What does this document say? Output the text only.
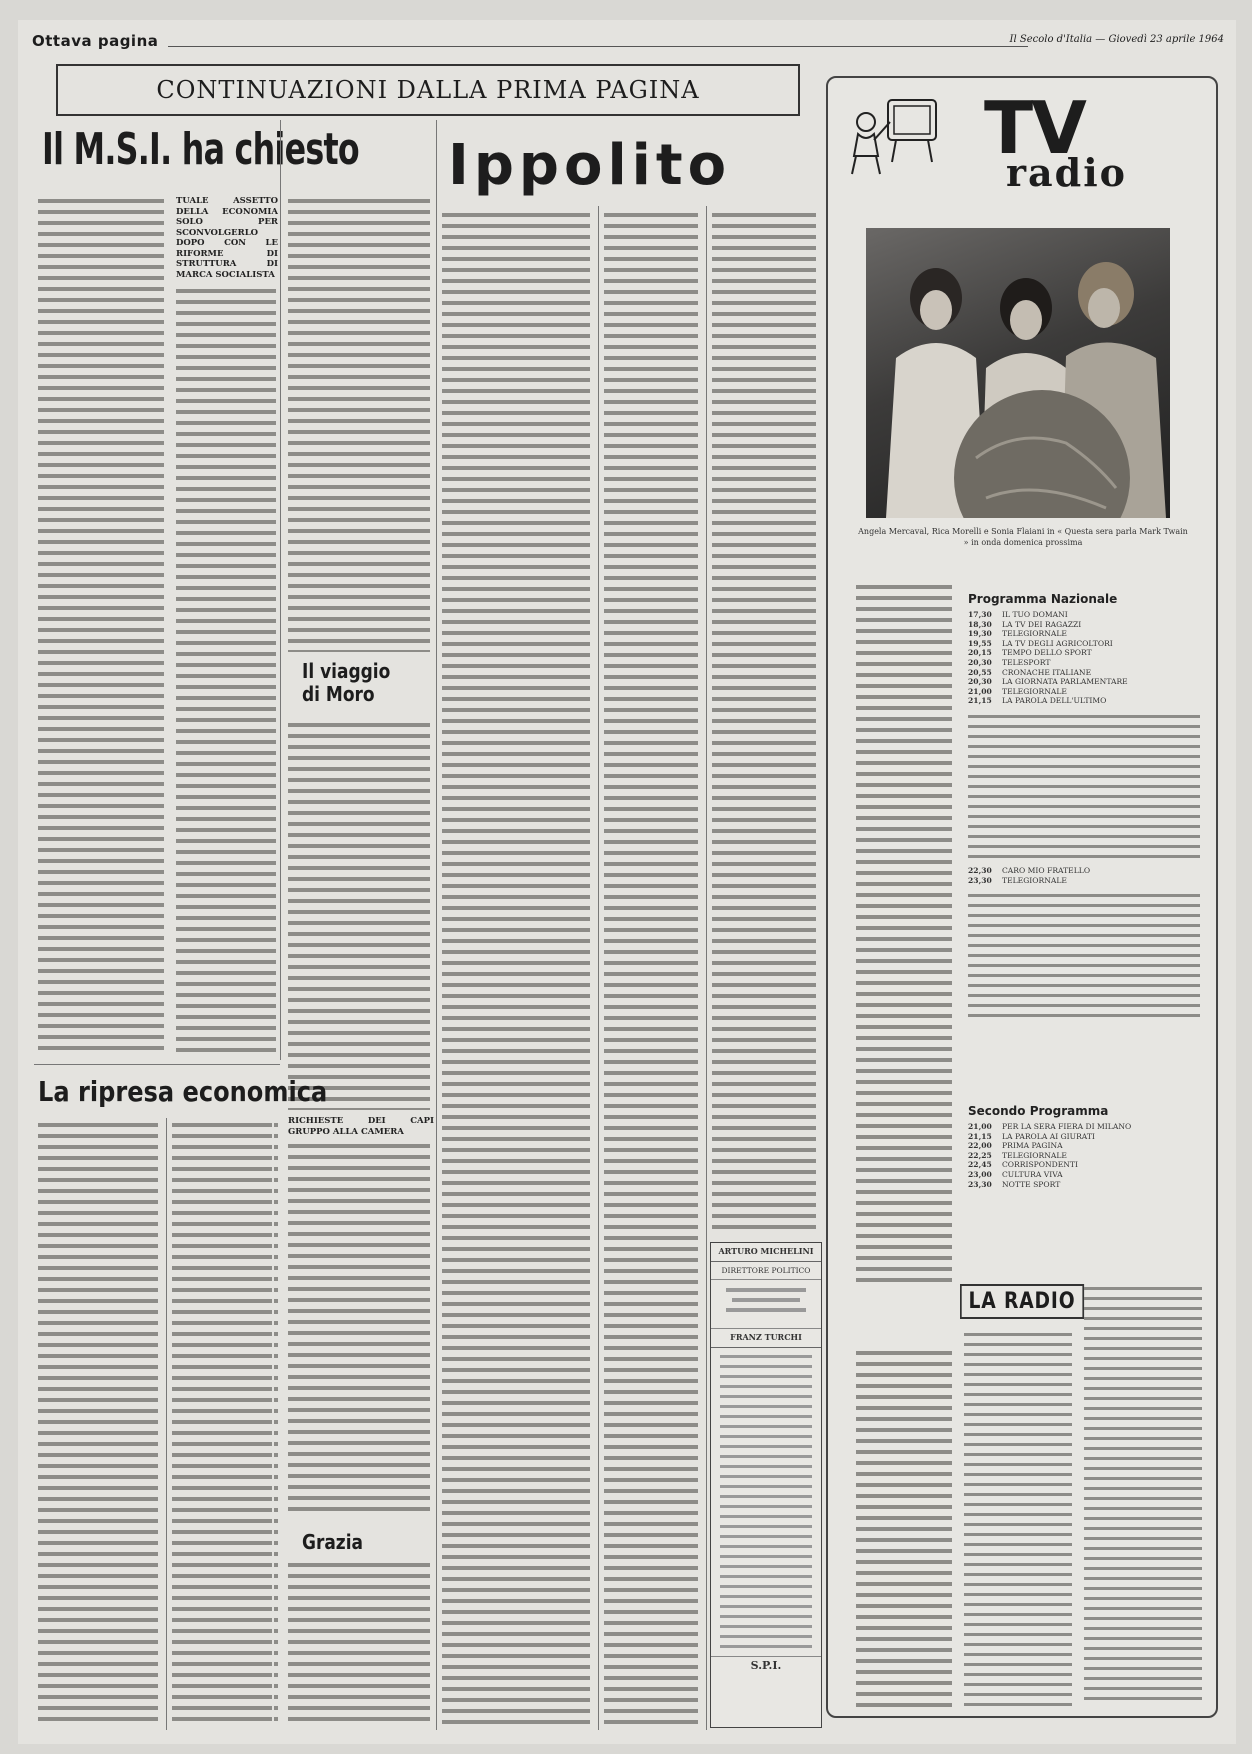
Ottava pagina	Il Secolo d'Italia — Giovedì 23 aprile 1964
CONTINUAZIONI DALLA PRIMA PAGINA
Il M.S.I. ha chiesto Ippolito
TUALE ASSETTO DELLA ECONOMIA SOLO PER SCONVOLGERLO DOPO CON LE RIFORME DI STRUTTURA DI MARCA SOCIALISTA
Il viaggio
di Moro
RICHIESTE DEI CAPI GRUPPO ALLA CAMERA
Grazia
La ripresa economica
ARTURO MICHELINI
DIRETTORE POLITICO
FRANZ TURCHI
S.P.I.
TV
radio
Angela Mercaval, Rica Morelli e Sonia Flaiani in « Questa sera parla Mark Twain » in onda domenica prossima
Programma Nazionale
17,30	IL TUO DOMANI
18,30	LA TV DEI RAGAZZI
19,30	TELEGIORNALE
19,55	LA TV DEGLI AGRICOLTORI
20,15	TEMPO DELLO SPORT
20,30	TELESPORT
20,55	CRONACHE ITALIANE
20,30	LA GIORNATA PARLAMENTARE
21,00	TELEGIORNALE
21,15	LA PAROLA DELL'ULTIMO
22,30	CARO MIO FRATELLO
23,30	TELEGIORNALE
Secondo Programma
21,00	PER LA SERA FIERA DI MILANO
21,15	LA PAROLA AI GIURATI
22,00	PRIMA PAGINA
22,25	TELEGIORNALE
22,45	CORRISPONDENTI
23,00	CULTURA VIVA
23,30	NOTTE SPORT
LA RADIO
